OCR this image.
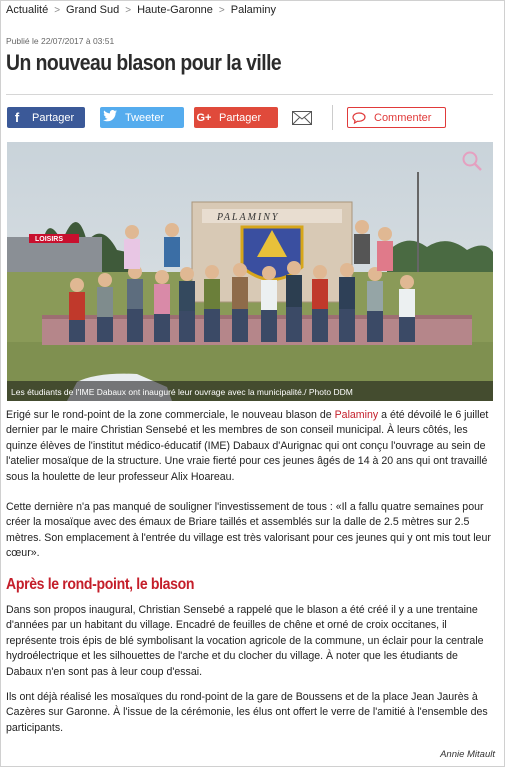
Actualité > Grand Sud > Haute-Garonne > Palaminy
Publié le 22/07/2017 à 03:51
Un nouveau blason pour la ville
f	Partager	Tweeter	G+ Partager	Commenter
LOISIRS
PALAMINY
Les étudiants de l'IME Dabaux ont inauguré leur ouvrage avec la municipalité./ Photo DDM

Erigé sur le rond-point de la zone commerciale, le nouveau blason de Palaminy a été dévoilé le 6 juillet dernier par le maire Christian Sensebé et les membres de son conseil municipal. À leurs côtés, les quinze élèves de l'institut médico-éducatif (IME) Dabaux d'Aurignac qui ont conçu l'ouvrage au sein de l'atelier mosaïque de la structure. Une vraie fierté pour ces jeunes âgés de 14 à 20 ans qui ont travaillé sous la houlette de leur professeur Alix Hoareau.

Cette dernière n'a pas manqué de souligner l'investissement de tous : «Il a fallu quatre semaines pour créer la mosaïque avec des émaux de Briare taillés et assemblés sur la dalle de 2.5 mètres sur 2.5 mètres. Son emplacement à l'entrée du village est très valorisant pour ces jeunes qui y ont mis tout leur cœur».

Après le rond-point, le blason

Dans son propos inaugural, Christian Sensebé a rappelé que le blason a été créé il y a une trentaine d'années par un habitant du village. Encadré de feuilles de chêne et orné de croix occitanes, il représente trois épis de blé symbolisant la vocation agricole de la commune, un éclair pour la centrale hydroélectrique et les silhouettes de l'arche et du clocher du village. À noter que les étudiants de Dabaux n'en sont pas à leur coup d'essai.

Ils ont déjà réalisé les mosaïques du rond-point de la gare de Boussens et de la place Jean Jaurès à Cazères sur Garonne. À l'issue de la cérémonie, les élus ont offert le verre de l'amitié à l'ensemble des participants.

Annie Mitault
